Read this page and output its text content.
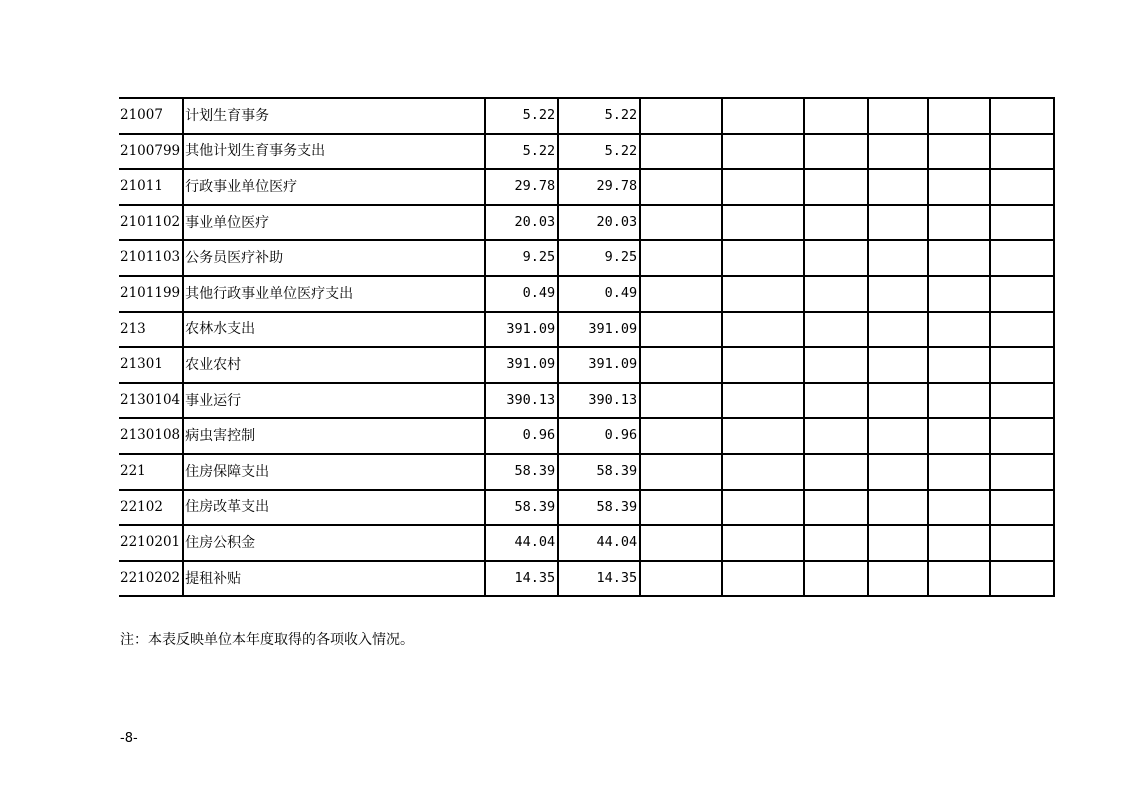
21007	计划生育事务	5.22	5.22						
2100799	其他计划生育事务支出	5.22	5.22						
21011	行政事业单位医疗	29.78	29.78						
2101102	事业单位医疗	20.03	20.03						
2101103	公务员医疗补助	9.25	9.25						
2101199	其他行政事业单位医疗支出	0.49	0.49						
213	农林水支出	391.09	391.09						
21301	农业农村	391.09	391.09						
2130104	事业运行	390.13	390.13						
2130108	病虫害控制	0.96	0.96						
221	住房保障支出	58.39	58.39						
22102	住房改革支出	58.39	58.39						
2210201	住房公积金	44.04	44.04						
2210202	提租补贴	14.35	14.35						
注：本表反映单位本年度取得的各项收入情况。
-8-
